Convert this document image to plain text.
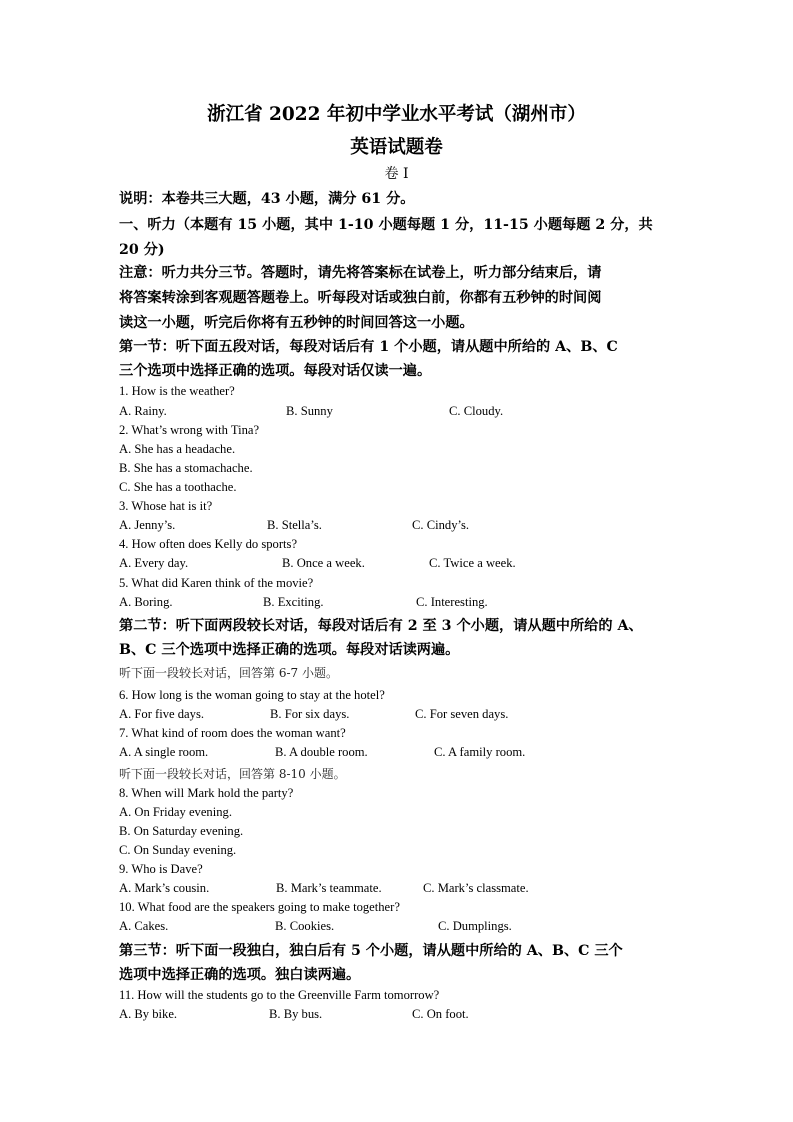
浙江省 2022 年初中学业水平考试（湖州市）
英语试题卷
卷 I
说明：本卷共三大题，43 小题，满分 61 分。
一、听力（本题有 15 小题，其中 1-10 小题每题 1 分，11-15 小题每题 2 分，共
20 分)
注意：听力共分三节。答题时，请先将答案标在试卷上，听力部分结束后，请
将答案转涂到客观题答题卷上。听每段对话或独白前，你都有五秒钟的时间阅
读这一小题，听完后你将有五秒钟的时间回答这一小题。
第一节：听下面五段对话，每段对话后有 1 个小题，请从题中所给的 A、B、C
三个选项中选择正确的选项。每段对话仅读一遍。
1. How is the weather?
A. Rainy.	B. Sunny	C. Cloudy.
2. What’s wrong with Tina?
A. She has a headache.
B. She has a stomachache.
C. She has a toothache.
3. Whose hat is it?
A. Jenny’s.	B. Stella’s.	C. Cindy’s.
4. How often does Kelly do sports?
A. Every day.	B. Once a week.	C. Twice a week.
5. What did Karen think of the movie?
A. Boring.	B. Exciting.	C. Interesting.
第二节：听下面两段较长对话，每段对话后有 2 至 3 个小题，请从题中所给的 A、
B、C 三个选项中选择正确的选项。每段对话读两遍。
听下面一段较长对话，回答第 6-7 小题。
6. How long is the woman going to stay at the hotel?
A. For five days.	B. For six days.	C. For seven days.
7. What kind of room does the woman want?
A. A single room.	B. A double room.	C. A family room.
听下面一段较长对话，回答第 8-10 小题。
8. When will Mark hold the party?
A. On Friday evening.
B. On Saturday evening.
C. On Sunday evening.
9. Who is Dave?
A. Mark’s cousin.	B. Mark’s teammate.	C. Mark’s classmate.
10. What food are the speakers going to make together?
A. Cakes.	B. Cookies.	C. Dumplings.
第三节：听下面一段独白，独白后有 5 个小题，请从题中所给的 A、B、C 三个
选项中选择正确的选项。独白读两遍。
11. How will the students go to the Greenville Farm tomorrow?
A. By bike.	B. By bus.	C. On foot.
